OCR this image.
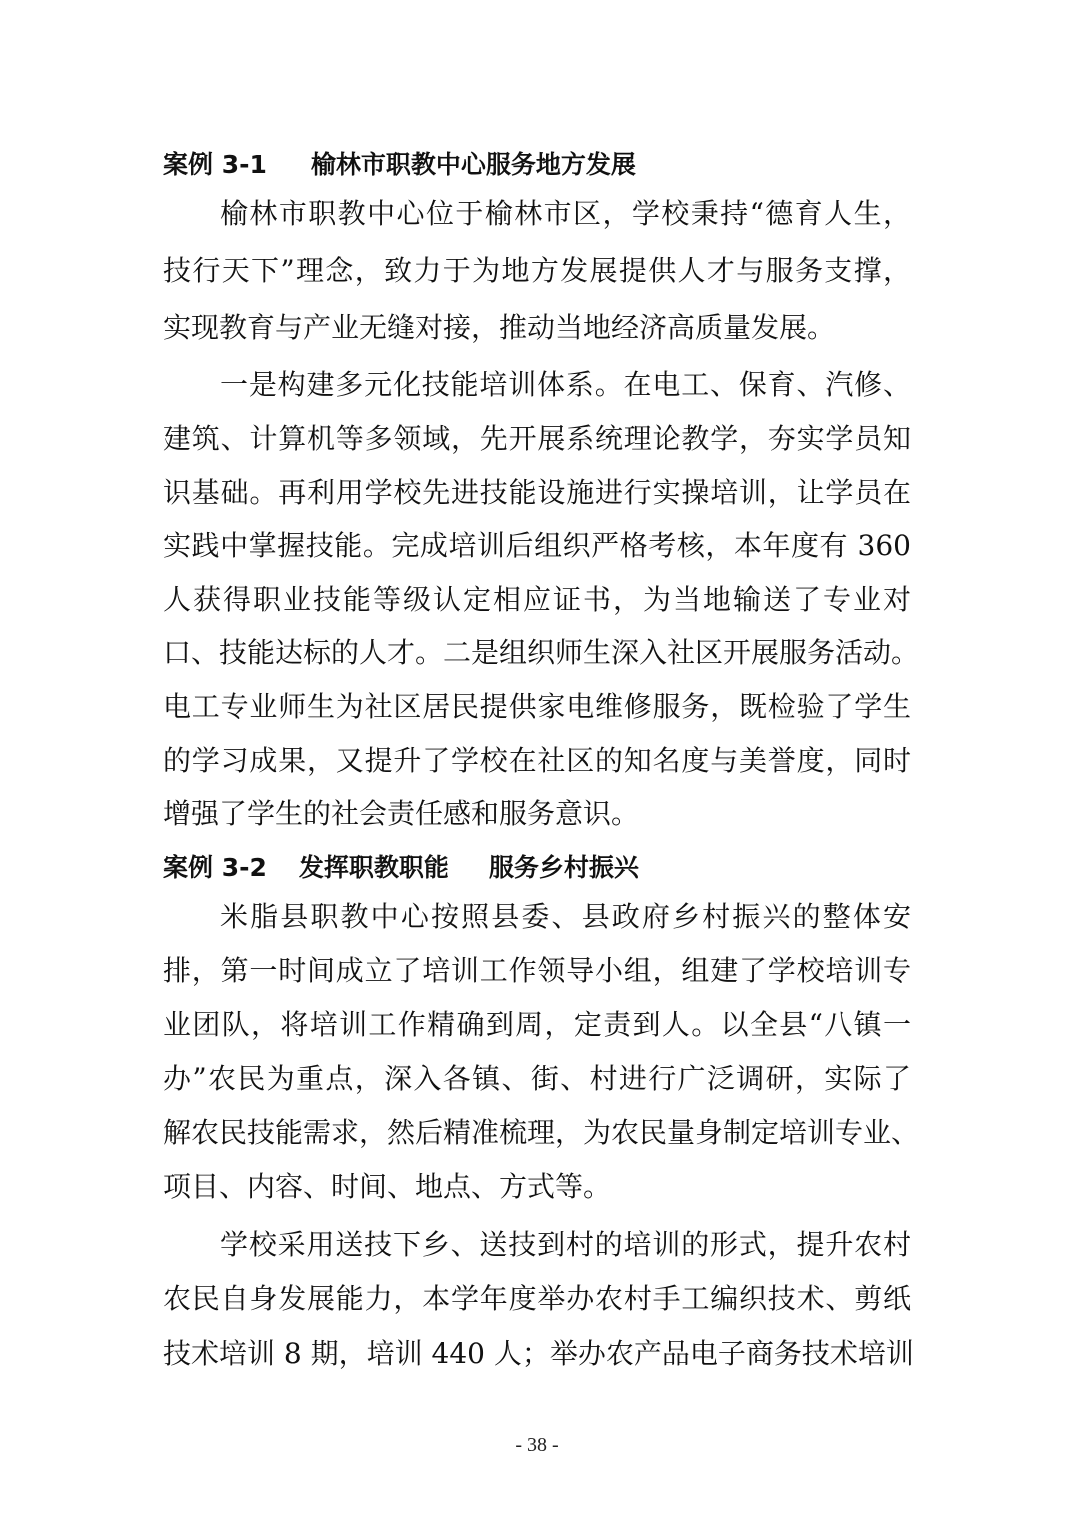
案例 3-1 榆林市职教中心服务地方发展
榆林市职教中心位于榆林市区，学校秉持“德育人生，
技行天下”理念，致力于为地方发展提供人才与服务支撑，
实现教育与产业无缝对接，推动当地经济高质量发展。
一是构建多元化技能培训体系。在电工、保育、汽修、
建筑、计算机等多领域，先开展系统理论教学，夯实学员知
识基础。再利用学校先进技能设施进行实操培训，让学员在
实践中掌握技能。完成培训后组织严格考核，本年度有 360
人获得职业技能等级认定相应证书，为当地输送了专业对
口、技能达标的人才。二是组织师生深入社区开展服务活动。
电工专业师生为社区居民提供家电维修服务，既检验了学生
的学习成果，又提升了学校在社区的知名度与美誉度，同时
增强了学生的社会责任感和服务意识。
案例 3-2 发挥职教职能 服务乡村振兴
米脂县职教中心按照县委、县政府乡村振兴的整体安
排，第一时间成立了培训工作领导小组，组建了学校培训专
业团队，将培训工作精确到周，定责到人。以全县“八镇一
办”农民为重点，深入各镇、街、村进行广泛调研，实际了
解农民技能需求，然后精准梳理，为农民量身制定培训专业、
项目、内容、时间、地点、方式等。
学校采用送技下乡、送技到村的培训的形式，提升农村
农民自身发展能力，本学年度举办农村手工编织技术、剪纸
技术培训 8 期，培训 440 人；举办农产品电子商务技术培训
- 38 -
